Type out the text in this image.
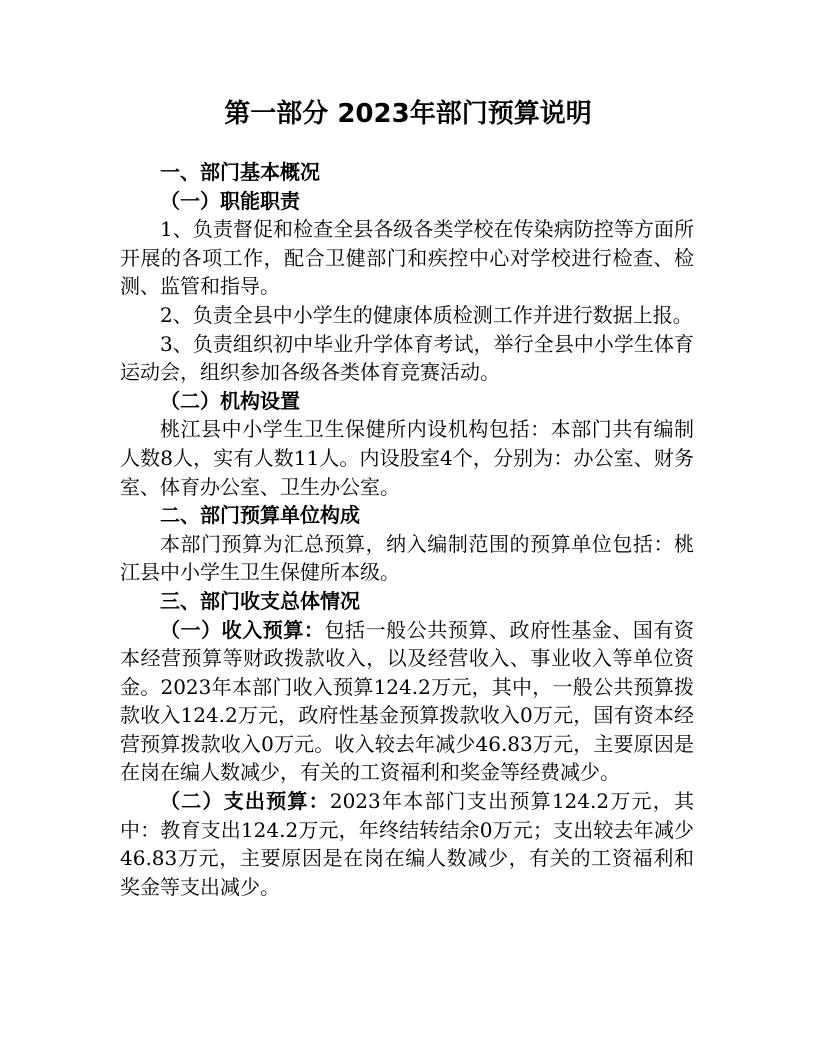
第一部分 2023年部门预算说明

一、部门基本概况

（一）职能职责

1、负责督促和检查全县各级各类学校在传染病防控等方面所开展的各项工作，配合卫健部门和疾控中心对学校进行检查、检测、监管和指导。

2、负责全县中小学生的健康体质检测工作并进行数据上报。

3、负责组织初中毕业升学体育考试，举行全县中小学生体育运动会，组织参加各级各类体育竞赛活动。

（二）机构设置

桃江县中小学生卫生保健所内设机构包括：本部门共有编制人数8人，实有人数11人。内设股室4个，分别为：办公室、财务室、体育办公室、卫生办公室。

二、部门预算单位构成

本部门预算为汇总预算，纳入编制范围的预算单位包括：桃江县中小学生卫生保健所本级。

三、部门收支总体情况

（一）收入预算：包括一般公共预算、政府性基金、国有资本经营预算等财政拨款收入，以及经营收入、事业收入等单位资金。2023年本部门收入预算124.2万元，其中，一般公共预算拨款收入124.2万元，政府性基金预算拨款收入0万元，国有资本经营预算拨款收入0万元。收入较去年减少46.83万元，主要原因是在岗在编人数减少，有关的工资福利和奖金等经费减少。

（二）支出预算：2023年本部门支出预算124.2万元，其中：教育支出124.2万元，年终结转结余0万元；支出较去年减少46.83万元，主要原因是在岗在编人数减少，有关的工资福利和奖金等支出减少。
